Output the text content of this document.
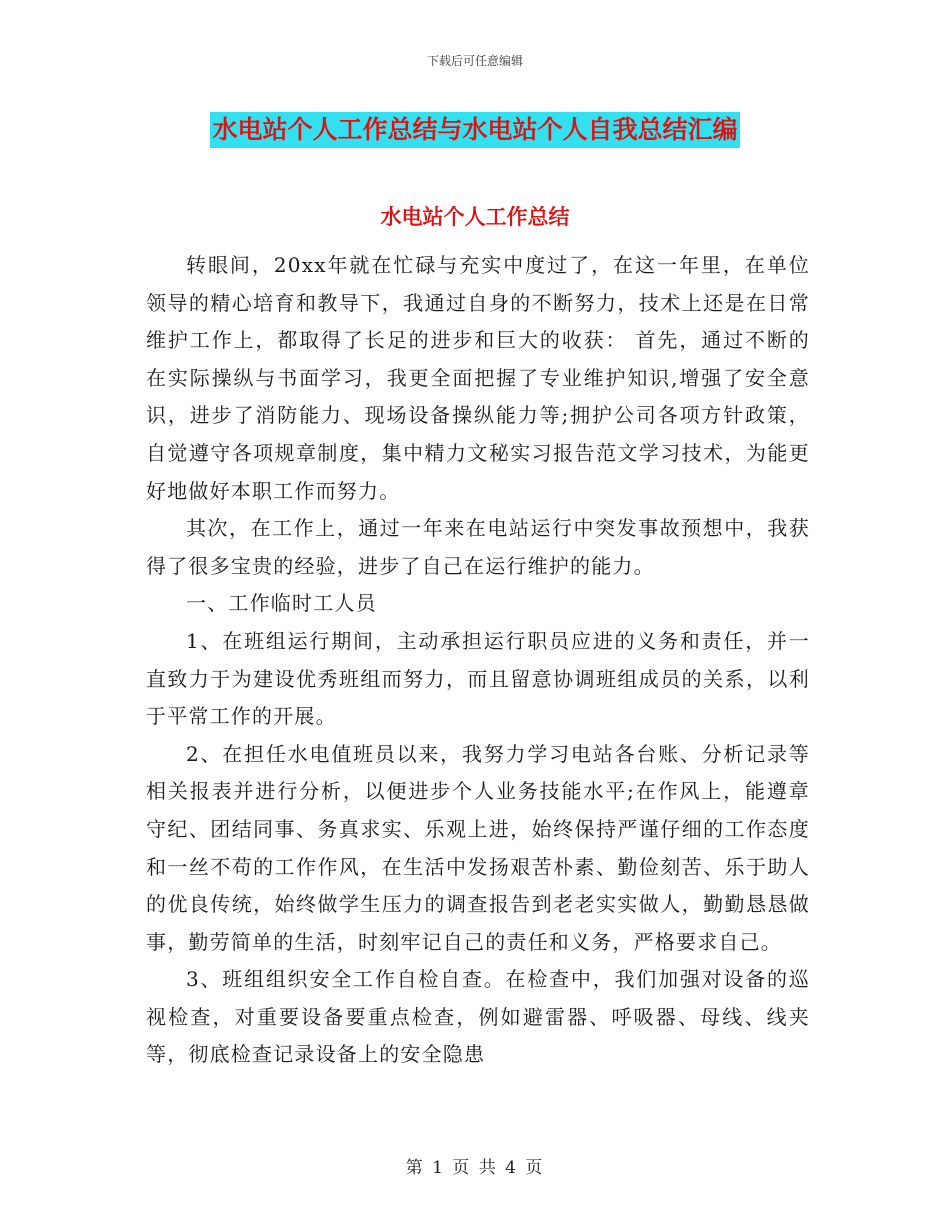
下载后可任意编辑
水电站个人工作总结与水电站个人自我总结汇编
水电站个人工作总结

转眼间，20xx年就在忙碌与充实中度过了，在这一年里，在单位领导的精心培育和教导下，我通过自身的不断努力，技术上还是在日常维护工作上，都取得了长足的进步和巨大的收获： 首先，通过不断的在实际操纵与书面学习，我更全面把握了专业维护知识,增强了安全意识，进步了消防能力、现场设备操纵能力等;拥护公司各项方针政策，自觉遵守各项规章制度，集中精力文秘实习报告范文学习技术，为能更好地做好本职工作而努力。

其次，在工作上，通过一年来在电站运行中突发事故预想中，我获得了很多宝贵的经验，进步了自己在运行维护的能力。

一、工作临时工人员

1、在班组运行期间，主动承担运行职员应进的义务和责任，并一直致力于为建设优秀班组而努力，而且留意协调班组成员的关系，以利于平常工作的开展。

2、在担任水电值班员以来，我努力学习电站各台账、分析记录等相关报表并进行分析，以便进步个人业务技能水平;在作风上，能遵章守纪、团结同事、务真求实、乐观上进，始终保持严谨仔细的工作态度和一丝不苟的工作作风，在生活中发扬艰苦朴素、勤俭刻苦、乐于助人的优良传统，始终做学生压力的调查报告到老老实实做人，勤勤恳恳做事，勤劳简单的生活，时刻牢记自己的责任和义务，严格要求自己。

3、班组组织安全工作自检自查。在检查中，我们加强对设备的巡视检查，对重要设备要重点检查，例如避雷器、呼吸器、母线、线夹等，彻底检查记录设备上的安全隐患

第 1 页 共 4 页
